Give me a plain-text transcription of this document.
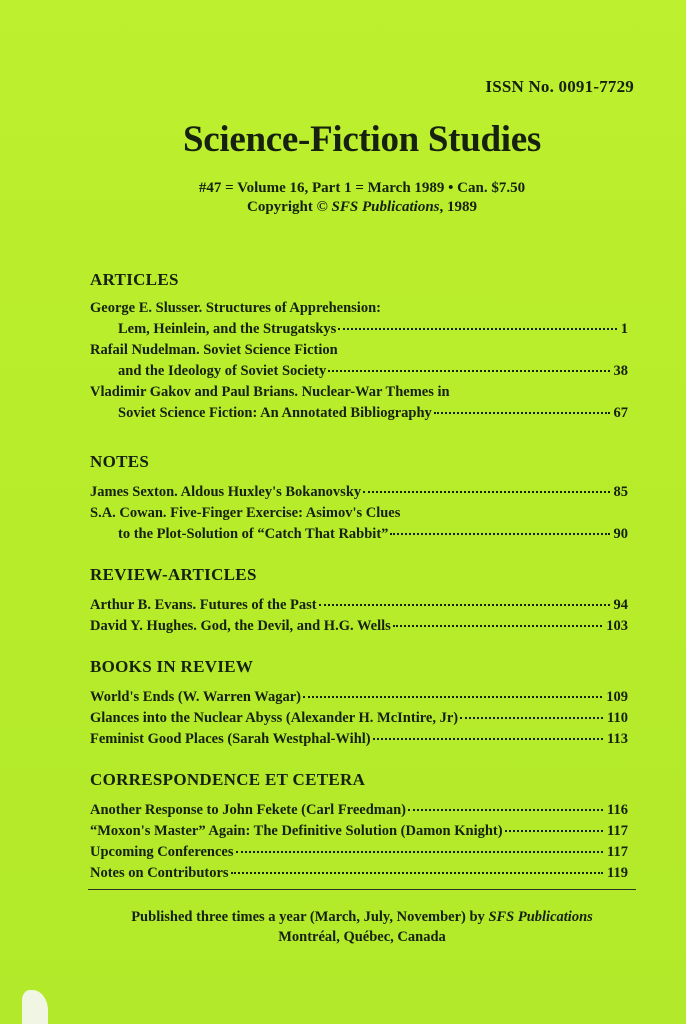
ISSN No. 0091-7729
Science-Fiction Studies
#47 = Volume 16, Part 1 = March 1989 • Can. $7.50
Copyright © SFS Publications, 1989
ARTICLES
George E. Slusser. Structures of Apprehension:
Lem, Heinlein, and the Strugatskys	1
Rafail Nudelman. Soviet Science Fiction
and the Ideology of Soviet Society	38
Vladimir Gakov and Paul Brians. Nuclear-War Themes in
Soviet Science Fiction: An Annotated Bibliography	67
NOTES
James Sexton. Aldous Huxley's Bokanovsky	85
S.A. Cowan. Five-Finger Exercise: Asimov's Clues
to the Plot-Solution of “Catch That Rabbit”	90
REVIEW-ARTICLES
Arthur B. Evans. Futures of the Past	94
David Y. Hughes. God, the Devil, and H.G. Wells	103
BOOKS IN REVIEW
World's Ends (W. Warren Wagar)	109
Glances into the Nuclear Abyss (Alexander H. McIntire, Jr)	110
Feminist Good Places (Sarah Westphal-Wihl)	113
CORRESPONDENCE ET CETERA
Another Response to John Fekete (Carl Freedman)	116
“Moxon's Master” Again: The Definitive Solution (Damon Knight)	117
Upcoming Conferences	117
Notes on Contributors	119
Published three times a year (March, July, November) by SFS Publications
Montréal, Québec, Canada
